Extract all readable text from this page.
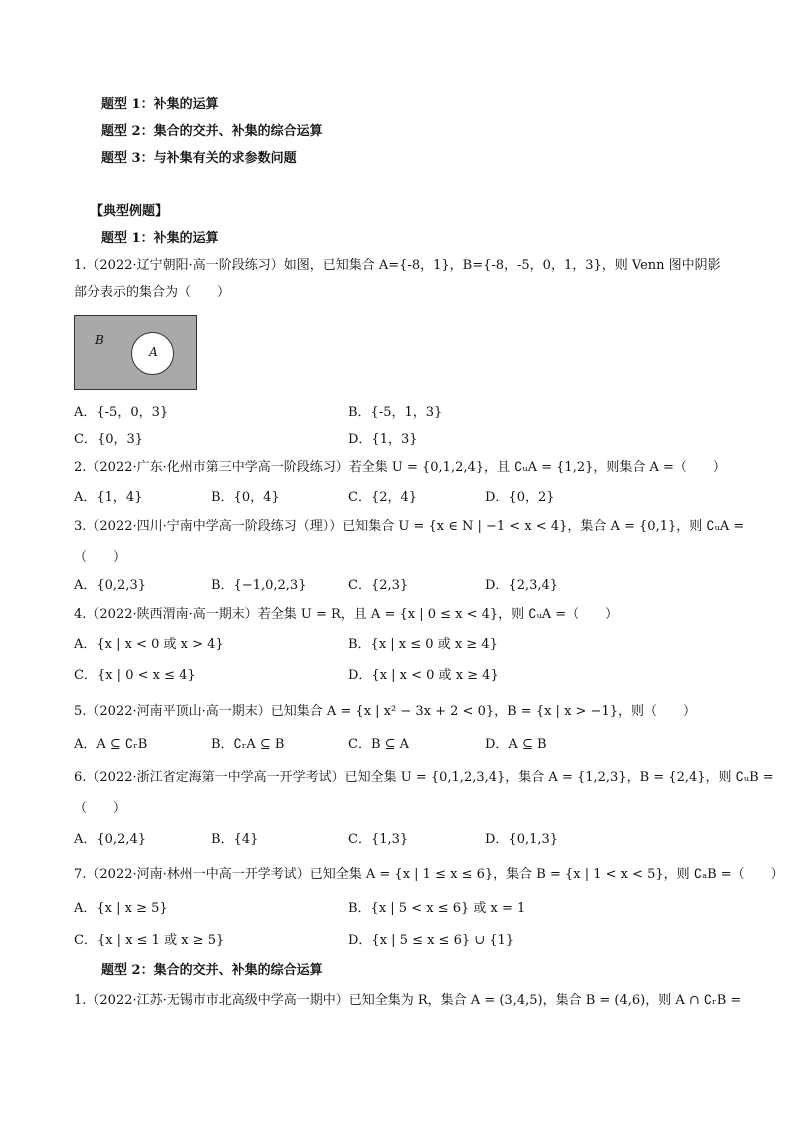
题型 1：补集的运算
题型 2：集合的交并、补集的综合运算
题型 3：与补集有关的求参数问题
【典型例题】
题型 1：补集的运算
1.（2022·辽宁朝阳·高一阶段练习）如图，已知集合 A={-8，1}，B={-8，-5，0，1，3}，则 Venn 图中阴影
部分表示的集合为（　　）
B
A
A．{-5，0，3}	B．{-5，1，3}
C．{0，3}	D．{1，3}
2.（2022·广东·化州市第三中学高一阶段练习）若全集 U = {0,1,2,4}，且 ∁ᵤA = {1,2}，则集合 A =（　　）
A．{1，4}	B．{0，4}	C．{2，4}	D．{0，2}
3.（2022·四川·宁南中学高一阶段练习（理））已知集合 U = {x ∈ N | −1 < x < 4}，集合 A = {0,1}，则 ∁ᵤA =
（　　）
A．{0,2,3}	B．{−1,0,2,3}	C．{2,3}	D．{2,3,4}
4.（2022·陕西渭南·高一期末）若全集 U = R，且 A = {x | 0 ≤ x < 4}，则 ∁ᵤA =（　　）
A．{x | x < 0 或 x > 4}	B．{x | x ≤ 0 或 x ≥ 4}
C．{x | 0 < x ≤ 4}	D．{x | x < 0 或 x ≥ 4}
5.（2022·河南平顶山·高一期末）已知集合 A = {x | x² − 3x + 2 < 0}，B = {x | x > −1}，则（　　）
A．A ⊆ ∁ᵣB	B．∁ᵣA ⊆ B	C．B ⊆ A	D．A ⊆ B
6.（2022·浙江省定海第一中学高一开学考试）已知全集 U = {0,1,2,3,4}，集合 A = {1,2,3}，B = {2,4}，则 ∁ᵤB =
（　　）
A．{0,2,4}	B．{4}	C．{1,3}	D．{0,1,3}
7.（2022·河南·林州一中高一开学考试）已知全集 A = {x | 1 ≤ x ≤ 6}，集合 B = {x | 1 < x < 5}，则 ∁ₐB =（　　）
A．{x | x ≥ 5}	B．{x | 5 < x ≤ 6} 或 x = 1
C．{x | x ≤ 1 或 x ≥ 5}	D．{x | 5 ≤ x ≤ 6} ∪ {1}
题型 2：集合的交并、补集的综合运算
1.（2022·江苏·无锡市市北高级中学高一期中）已知全集为 R，集合 A = (3,4,5)，集合 B = (4,6)，则 A ∩ ∁ᵣB =
